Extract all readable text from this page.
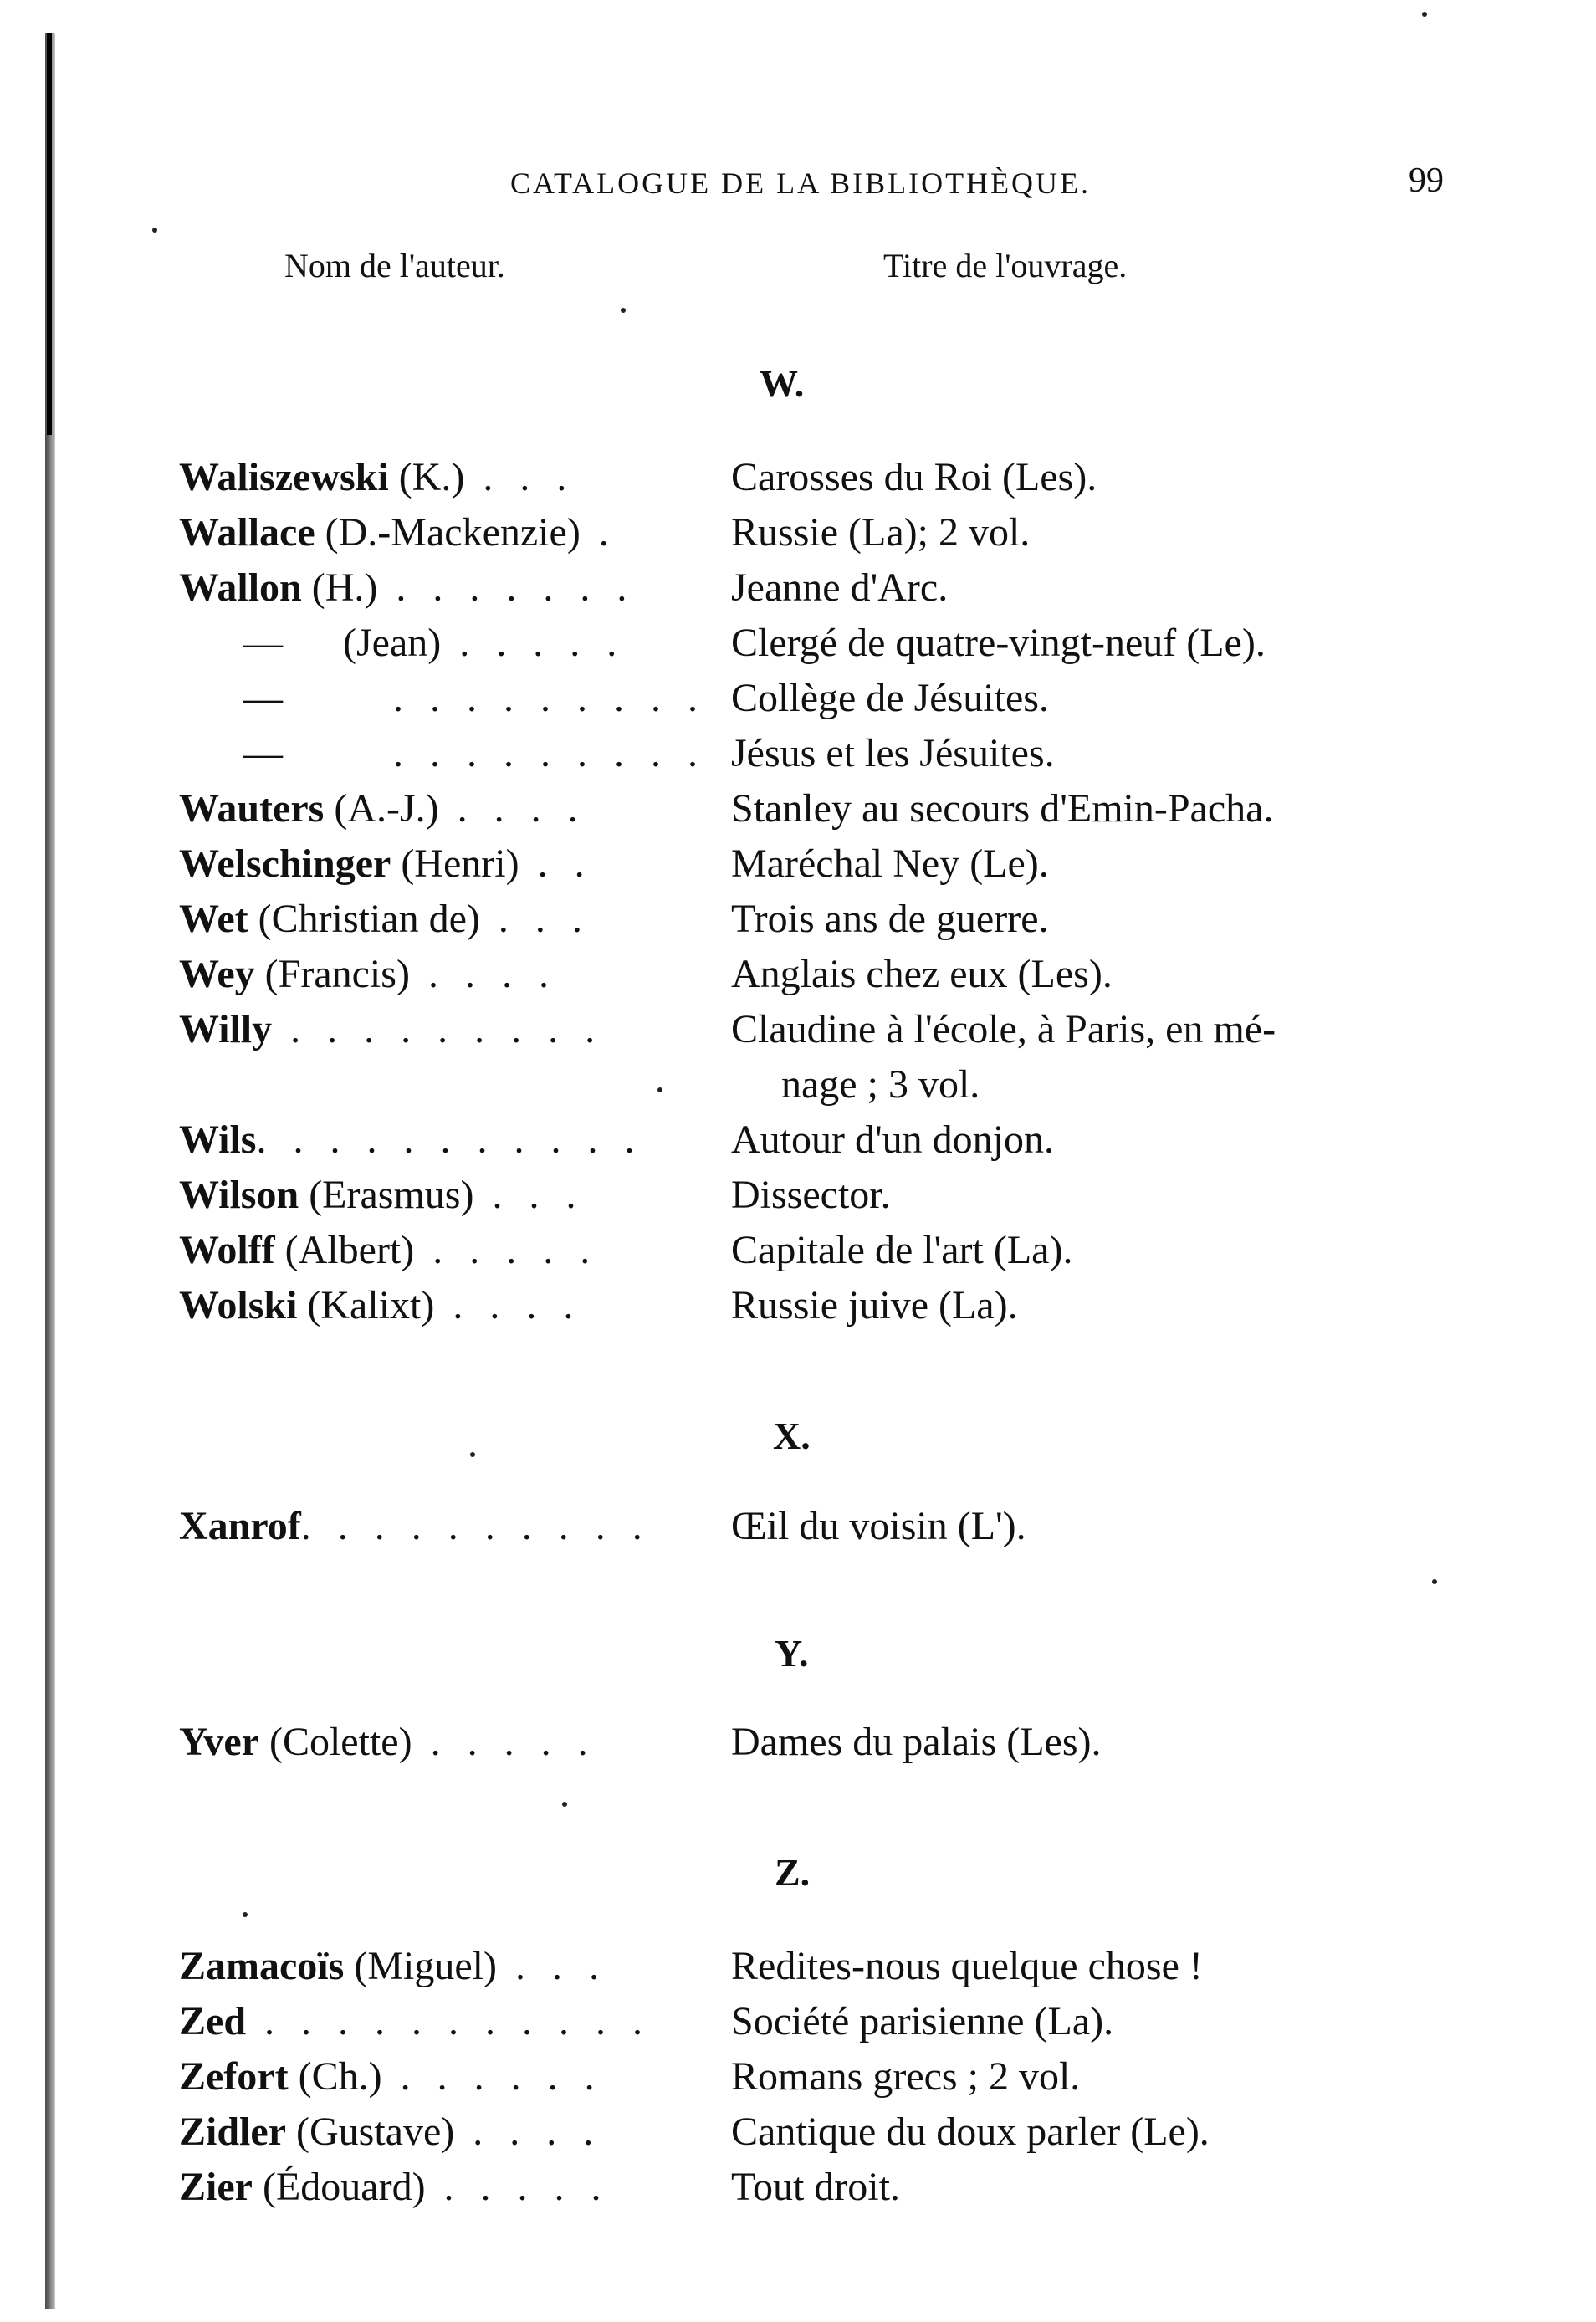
CATALOGUE DE LA BIBLIOTHÈQUE.	99
Nom de l'auteur.	Titre de l'ouvrage.
W.
Waliszewski (K.) . . .	Carosses du Roi (Les).
Wallace (D.-Mackenzie) .	Russie (La); 2 vol.
Wallon (H.) . . . . . . .	Jeanne d'Arc.
—      (Jean) . . . . .	Clergé de quatre-vingt-neuf (Le).
—      . . . . . . . . . Collège de Jésuites.
—      . . . . . . . . . Jésus et les Jésuites.
Wauters (A.-J.) . . . .	Stanley au secours d'Emin-Pacha.
Welschinger (Henri) . .	Maréchal Ney (Le).
Wet (Christian de) . . .	Trois ans de guerre.
Wey (Francis) . . . .	Anglais chez eux (Les).
Willy . . . . . . . . .	Claudine à l'école, à Paris, en mé-
nage ; 3 vol.
Wils. . . . . . . . . . .	Autour d'un donjon.
Wilson (Erasmus) . . .	Dissector.
Wolff (Albert) . . . . .	Capitale de l'art (La).
Wolski (Kalixt) . . . .	Russie juive (La).
X.
Xanrof. . . . . . . . . .	Œil du voisin (L').
Y.
Yver (Colette) . . . . .	Dames du palais (Les).
Z.
Zamacoïs (Miguel) . . .	Redites-nous quelque chose !
Zed . . . . . . . . . . .	Société parisienne (La).
Zefort (Ch.) . . . . . .	Romans grecs ; 2 vol.
Zidler (Gustave) . . . .	Cantique du doux parler (Le).
Zier (Édouard) . . . . .	Tout droit.
